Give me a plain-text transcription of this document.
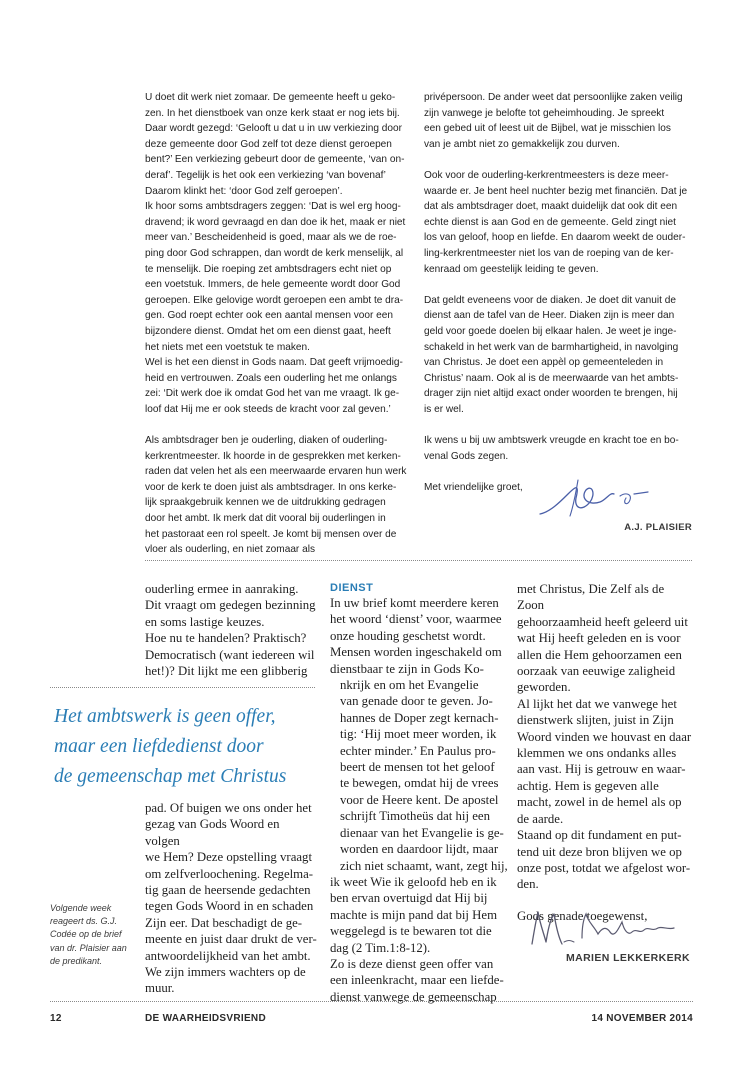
U doet dit werk niet zomaar. De gemeente heeft u geko-

zen. In het dienstboek van onze kerk staat er nog iets bij.

Daar wordt gezegd: ‘Gelooft u dat u in uw verkiezing door

deze gemeente door God zelf tot deze dienst geroepen

bent?’ Een verkiezing gebeurt door de gemeente, ‘van on-

deraf’. Tegelijk is het ook een verkiezing ‘van bovenaf’

Daarom klinkt het: ‘door God zelf geroepen’.

Ik hoor soms ambtsdragers zeggen: ‘Dat is wel erg hoog-

dravend; ik word gevraagd en dan doe ik het, maak er niet

meer van.’ Bescheidenheid is goed, maar als we de roe-

ping door God schrappen, dan wordt de kerk menselijk, al

te menselijk. Die roeping zet ambtsdragers echt niet op

een voetstuk. Immers, de hele gemeente wordt door God

geroepen. Elke gelovige wordt geroepen een ambt te dra-

gen. God roept echter ook een aantal mensen voor een

bijzondere dienst. Omdat het om een dienst gaat, heeft

het niets met een voetstuk te maken.

Wel is het een dienst in Gods naam. Dat geeft vrijmoedig-

heid en vertrouwen. Zoals een ouderling het me onlangs

zei: ‘Dit werk doe ik omdat God het van me vraagt. Ik ge-

loof dat Hij me er ook steeds de kracht voor zal geven.’

Als ambtsdrager ben je ouderling, diaken of ouderling-

kerkrentmeester. Ik hoorde in de gesprekken met kerken-

raden dat velen het als een meerwaarde ervaren hun werk

voor de kerk te doen juist als ambtsdrager. In ons kerke-

lijk spraakgebruik kennen we de uitdrukking gedragen

door het ambt. Ik merk dat dit vooral bij ouderlingen in

het pastoraat een rol speelt. Je komt bij mensen over de

vloer als ouderling, en niet zomaar als

privépersoon. De ander weet dat persoonlijke zaken veilig

zijn vanwege je belofte tot geheimhouding. Je spreekt

een gebed uit of leest uit de Bijbel, wat je misschien los

van je ambt niet zo gemakkelijk zou durven.

Ook voor de ouderling-kerkrentmeesters is deze meer-

waarde er. Je bent heel nuchter bezig met financiën. Dat je

dat als ambtsdrager doet, maakt duidelijk dat ook dit een

echte dienst is aan God en de gemeente. Geld zingt niet

los van geloof, hoop en liefde. En daarom weekt de ouder-

ling-kerkrentmeester niet los van de roeping van de ker-

kenraad om geestelijk leiding te geven.

Dat geldt eveneens voor de diaken. Je doet dit vanuit de

dienst aan de tafel van de Heer. Diaken zijn is meer dan

geld voor goede doelen bij elkaar halen. Je weet je inge-

schakeld in het werk van de barmhartigheid, in navolging

van Christus. Je doet een appèl op gemeenteleden in

Christus’ naam. Ook al is de meerwaarde van het ambts-

drager zijn niet altijd exact onder woorden te brengen, hij

is er wel.

Ik wens u bij uw ambtswerk vreugde en kracht toe en bo-

venal Gods zegen.

Met vriendelijke groet,

A.J. PLAISIER

ouderling ermee in aanraking.

Dit vraagt om gedegen bezinning

en soms lastige keuzes.

Hoe nu te handelen? Praktisch?

Democratisch (want iedereen wil

het!)? Dit lijkt me een glibberig

Het ambtswerk is geen offer,

maar een liefdedienst door

de gemeenschap met Christus

pad. Of buigen we ons onder het

gezag van Gods Woord en volgen

we Hem? Deze opstelling vraagt

om zelfverloochening. Regelma-

tig gaan de heersende gedachten

tegen Gods Woord in en schaden

Zijn eer. Dat beschadigt de ge-

meente en juist daar drukt de ver-

antwoordelijkheid van het ambt.

We zijn immers wachters op de

muur.

Volgende week

reageert ds. G.J.

Codée op de brief

van dr. Plaisier aan

de predikant.

DIENST

In uw brief komt meerdere keren

het woord ‘dienst’ voor, waarmee

onze houding geschetst wordt.

Mensen worden ingeschakeld om

dienstbaar te zijn in Gods Ko-

nkrijk en om het Evangelie

van genade door te geven. Jo-

hannes de Doper zegt kernach-

tig: ‘Hij moet meer worden, ik

echter minder.’ En Paulus pro-

beert de mensen tot het geloof

te bewegen, omdat hij de vrees

voor de Heere kent. De apostel

schrijft Timotheüs dat hij een

dienaar van het Evangelie is ge-

worden en daardoor lijdt, maar

zich niet schaamt, want, zegt hij,

ik weet Wie ik geloofd heb en ik

ben ervan overtuigd dat Hij bij

machte is mijn pand dat bij Hem

weggelegd is te bewaren tot die

dag (2 Tim.1:8-12).

Zo is deze dienst geen offer van

een inleenkracht, maar een liefde-

dienst vanwege de gemeenschap

met Christus, Die Zelf als de Zoon

gehoorzaamheid heeft geleerd uit

wat Hij heeft geleden en is voor

allen die Hem gehoorzamen een

oorzaak van eeuwige zaligheid

geworden.

Al lijkt het dat we vanwege het

dienstwerk slijten, juist in Zijn

Woord vinden we houvast en daar

klemmen we ons ondanks alles

aan vast. Hij is getrouw en waar-

achtig. Hem is gegeven alle

macht, zowel in de hemel als op

de aarde.

Staand op dit fundament en put-

tend uit deze bron blijven we op

onze post, totdat we afgelost wor-

den.

Gods genade toegewenst,

MARIEN LEKKERKERK
12	DE WAARHEIDSVRIEND	14 NOVEMBER 2014
